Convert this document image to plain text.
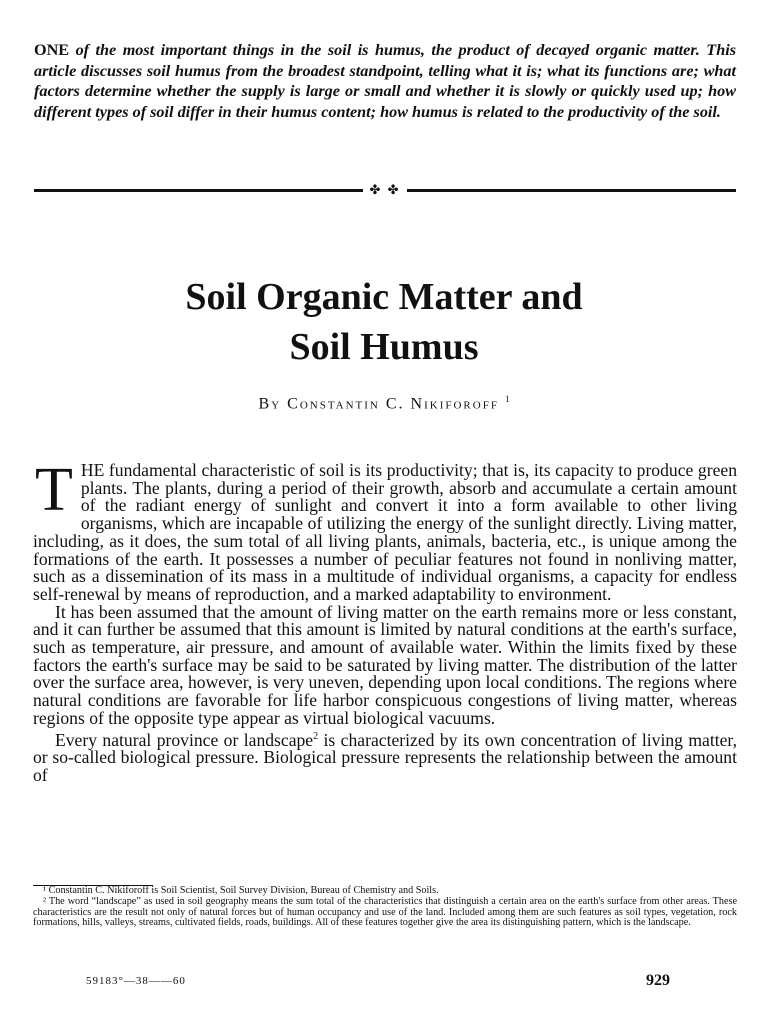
ONE of the most important things in the soil is humus, the product of decayed organic matter. This article discusses soil humus from the broadest standpoint, telling what it is; what its functions are; what factors determine whether the supply is large or small and whether it is slowly or quickly used up; how different types of soil differ in their humus content; how humus is related to the productivity of the soil.
✤ ✤
Soil Organic Matter and
Soil Humus
By Constantin C. Nikiforoff $^1$

THE fundamental characteristic of soil is its productivity; that is, its capacity to produce green plants. The plants, during a period of their growth, absorb and accumulate a certain amount of the radiant energy of sunlight and convert it into a form available to other living organisms, which are incapable of utilizing the energy of the sunlight directly. Living matter, including, as it does, the sum total of all living plants, animals, bacteria, etc., is unique among the formations of the earth. It possesses a number of peculiar features not found in nonliving matter, such as a dissemination of its mass in a multitude of individual organisms, a capacity for endless self-renewal by means of reproduction, and a marked adaptability to environment.

It has been assumed that the amount of living matter on the earth remains more or less constant, and it can further be assumed that this amount is limited by natural conditions at the earth's surface, such as temperature, air pressure, and amount of available water. Within the limits fixed by these factors the earth's surface may be said to be saturated by living matter. The distribution of the latter over the surface area, however, is very uneven, depending upon local conditions. The regions where natural conditions are favorable for life harbor conspicuous congestions of living matter, whereas regions of the opposite type appear as virtual biological vacuums.

Every natural province or landscape$^2$ is characterized by its own concentration of living matter, or so-called biological pressure. Biological pressure represents the relationship between the amount of

¹ Constantin C. Nikiforoff is Soil Scientist, Soil Survey Division, Bureau of Chemistry and Soils.

² The word “landscape” as used in soil geography means the sum total of the characteristics that distinguish a certain area on the earth's surface from other areas. These characteristics are the result not only of natural forces but of human occupancy and use of the land. Included among them are such features as soil types, vegetation, rock formations, hills, valleys, streams, cultivated fields, roads, buildings. All of these features together give the area its distinguishing pattern, which is the landscape.

59183°—38——60	929
